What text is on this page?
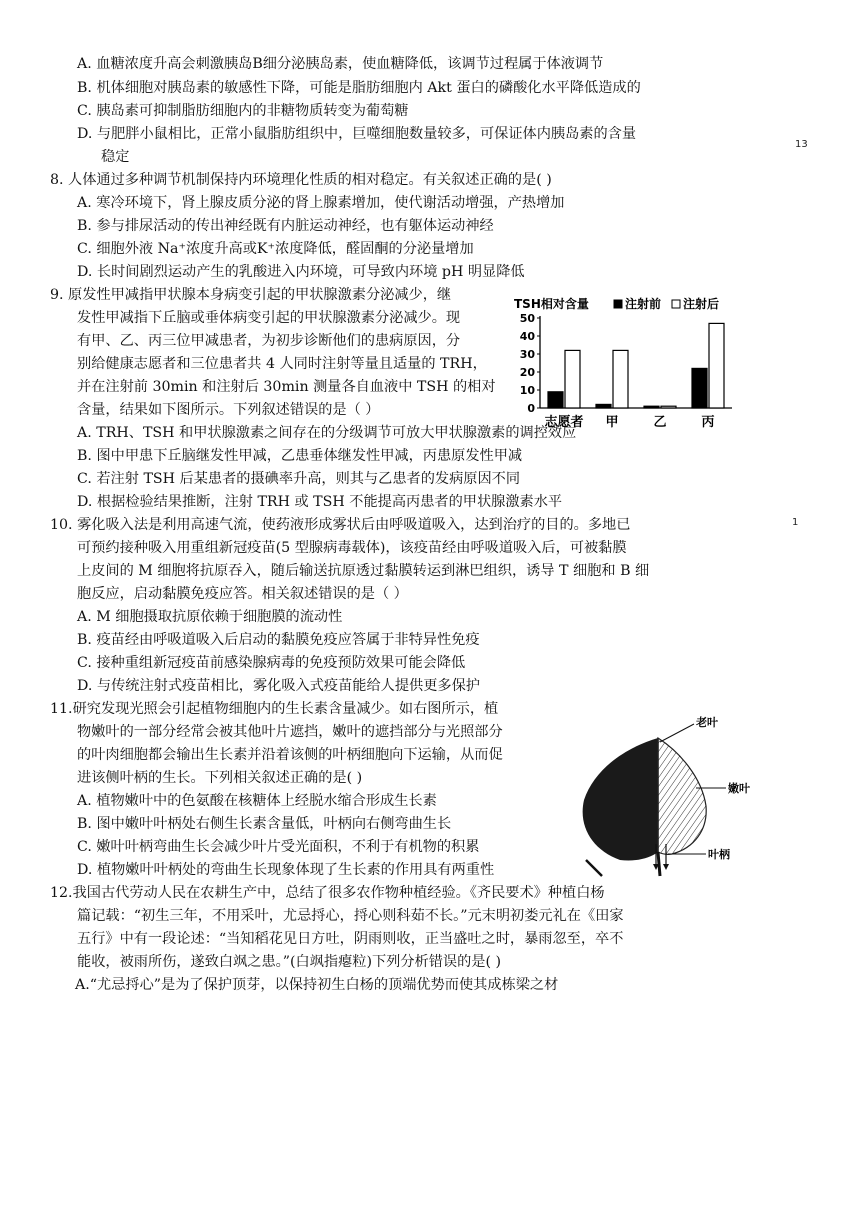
13
1
A. 血糖浓度升高会刺激胰岛B细分泌胰岛素，使血糖降低，该调节过程属于体液调节
B. 机体细胞对胰岛素的敏感性下降，可能是脂肪细胞内 Akt 蛋白的磷酸化水平降低造成的
C. 胰岛素可抑制脂肪细胞内的非糖物质转变为葡萄糖
D. 与肥胖小鼠相比，正常小鼠脂肪组织中，巨噬细胞数量较多，可保证体内胰岛素的含量
稳定
8. 人体通过多种调节机制保持内环境理化性质的相对稳定。有关叙述正确的是( )
A. 寒冷环境下，肾上腺皮质分泌的肾上腺素增加，使代谢活动增强，产热增加
B. 参与排尿活动的传出神经既有内脏运动神经，也有躯体运动神经
C. 细胞外液 Na⁺浓度升高或K⁺浓度降低，醛固酮的分泌量增加
D. 长时间剧烈运动产生的乳酸进入内环境，可导致内环境 pH 明显降低
9. 原发性甲减指甲状腺本身病变引起的甲状腺激素分泌减少，继
发性甲减指下丘脑或垂体病变引起的甲状腺激素分泌减少。现
有甲、乙、丙三位甲减患者，为初步诊断他们的患病原因，分
别给健康志愿者和三位患者共 4 人同时注射等量且适量的 TRH，
并在注射前 30min 和注射后 30min 测量各自血液中 TSH 的相对
含量，结果如下图所示。下列叙述错误的是（ ）
A. TRH、TSH 和甲状腺激素之间存在的分级调节可放大甲状腺激素的调控效应
B. 图中甲患下丘脑继发性甲减，乙患垂体继发性甲减，丙患原发性甲减
C. 若注射 TSH 后某患者的摄碘率升高，则其与乙患者的发病原因不同
D. 根据检验结果推断，注射 TRH 或 TSH 不能提高丙患者的甲状腺激素水平
10. 雾化吸入法是利用高速气流，使药液形成雾状后由呼吸道吸入，达到治疗的目的。多地已
可预约接种吸入用重组新冠疫苗(5 型腺病毒载体)，该疫苗经由呼吸道吸入后，可被黏膜
上皮间的 M 细胞将抗原吞入，随后输送抗原透过黏膜转运到淋巴组织，诱导 T 细胞和 B 细
胞反应，启动黏膜免疫应答。相关叙述错误的是（ ）
A. M 细胞摄取抗原依赖于细胞膜的流动性
B. 疫苗经由呼吸道吸入后启动的黏膜免疫应答属于非特异性免疫
C. 接种重组新冠疫苗前感染腺病毒的免疫预防效果可能会降低
D. 与传统注射式疫苗相比，雾化吸入式疫苗能给人提供更多保护
11.研究发现光照会引起植物细胞内的生长素含量减少。如右图所示，植
物嫩叶的一部分经常会被其他叶片遮挡，嫩叶的遮挡部分与光照部分
的叶肉细胞都会输出生长素并沿着该侧的叶柄细胞向下运输，从而促
进该侧叶柄的生长。下列相关叙述正确的是( )
A. 植物嫩叶中的色氨酸在核糖体上经脱水缩合形成生长素
B. 图中嫩叶叶柄处右侧生长素含量低，叶柄向右侧弯曲生长
C. 嫩叶叶柄弯曲生长会减少叶片受光面积，不利于有机物的积累
D. 植物嫩叶叶柄处的弯曲生长现象体现了生长素的作用具有两重性
12.我国古代劳动人民在农耕生产中，总结了很多农作物种植经验。《齐民要术》种植白杨
篇记载：“初生三年，不用采叶，尤忌捋心，捋心则科茹不长。”元末明初娄元礼在《田家
五行》中有一段论述：“当知稻花见日方吐，阴雨则收，正当盛吐之时，暴雨忽至，卒不
能收，被雨所伤，遂致白飒之患。”(白飒指瘪粒)下列分析错误的是( )
A.“尤忌捋心”是为了保护顶芽，以保持初生白杨的顶端优势而使其成栋梁之材
TSH相对含量	注射前 注射后
0
10
20
30
40
50
志愿者 甲	乙	丙
老叶
嫩叶
叶柄
